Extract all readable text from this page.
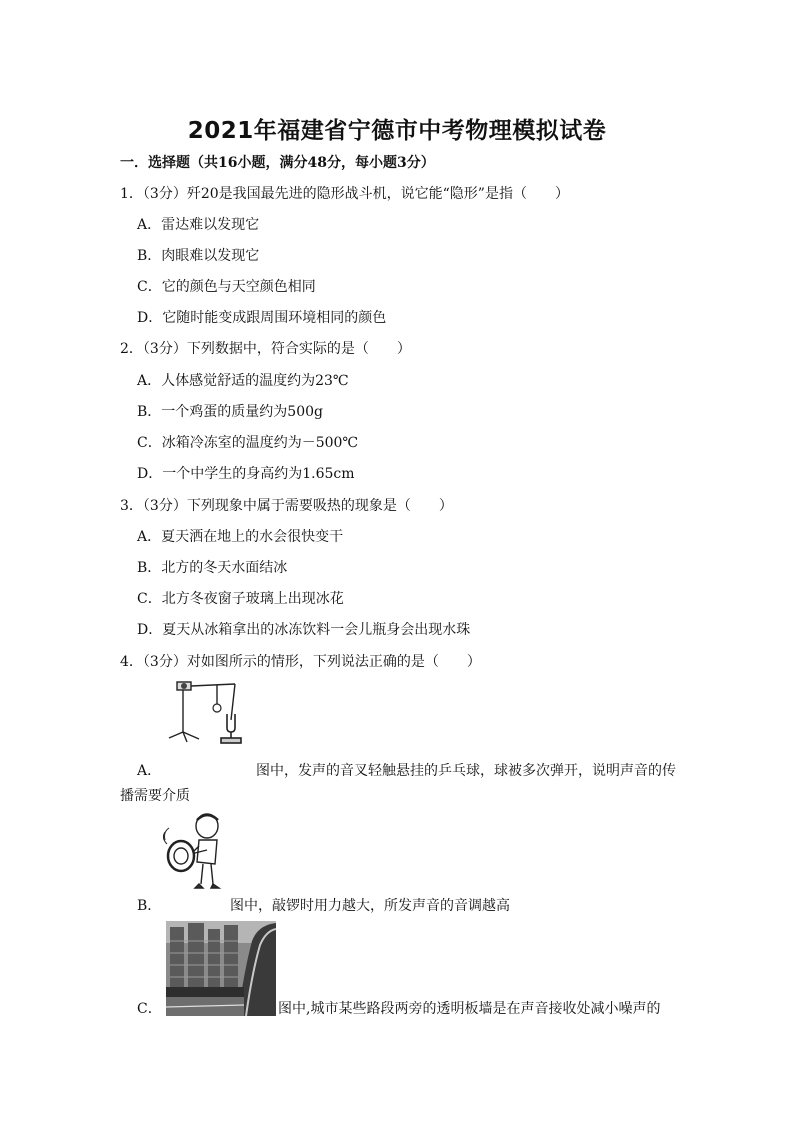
2021年福建省宁德市中考物理模拟试卷
一．选择题（共16小题，满分48分，每小题3分）
1．（3分）歼20是我国最先进的隐形战斗机，说它能“隐形”是指（　　）
A．雷达难以发现它
B．肉眼难以发现它
C．它的颜色与天空颜色相同
D．它随时能变成跟周围环境相同的颜色
2．（3分）下列数据中，符合实际的是（　　）
A．人体感觉舒适的温度约为23℃
B．一个鸡蛋的质量约为500g
C．冰箱冷冻室的温度约为－500℃
D．一个中学生的身高约为1.65cm
3．（3分）下列现象中属于需要吸热的现象是（　　）
A．夏天洒在地上的水会很快变干
B．北方的冬天水面结冰
C．北方冬夜窗子玻璃上出现冰花
D．夏天从冰箱拿出的冰冻饮料一会儿瓶身会出现水珠
4．（3分）对如图所示的情形，下列说法正确的是（　　）
A．	图中，发声的音叉轻触悬挂的乒乓球，球被多次弹开，说明声音的传
播需要介质
B．	图中，敲锣时用力越大，所发声音的音调越高
C．	图中,城市某些路段两旁的透明板墙是在声音接收处减小噪声的
